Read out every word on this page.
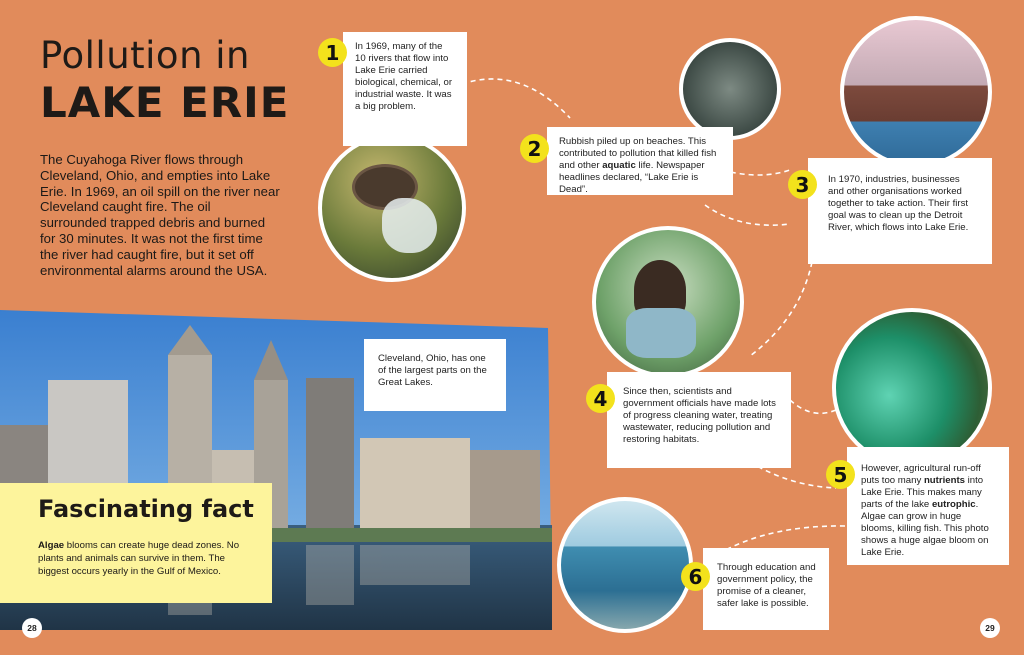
Pollution in
LAKE ERIE
The Cuyahoga River flows through Cleveland, Ohio, and empties into Lake Erie. In 1969, an oil spill on the river near Cleveland caught fire. The oil surrounded trapped debris and burned for 30 minutes. It was not the first time the river had caught fire, but it set off environmental alarms around the USA.
Cleveland, Ohio, has one of the largest parts on the Great Lakes.
Fascinating fact
Algae blooms can create huge dead zones. No plants and animals can survive in them. The biggest occurs yearly in the Gulf of Mexico.
In 1969, many of the 10 rivers that flow into Lake Erie carried biological, chemical, or industrial waste. It was a big problem.
1
Rubbish piled up on beaches. This contributed to pollution that killed fish and other aquatic life. Newspaper headlines declared, “Lake Erie is Dead”.
2
In 1970, industries, businesses and other organisations worked together to take action. Their first goal was to clean up the Detroit River, which flows into Lake Erie.
3
Since then, scientists and government officials have made lots of progress cleaning water, treating wastewater, reducing pollution and restoring habitats.
4
However, agricultural run-off puts too many nutrients into Lake Erie. This makes many parts of the lake eutrophic. Algae can grow in huge blooms, killing fish. This photo shows a huge algae bloom on Lake Erie.
5
Through education and government policy, the promise of a cleaner, safer lake is possible.
6
28	29
